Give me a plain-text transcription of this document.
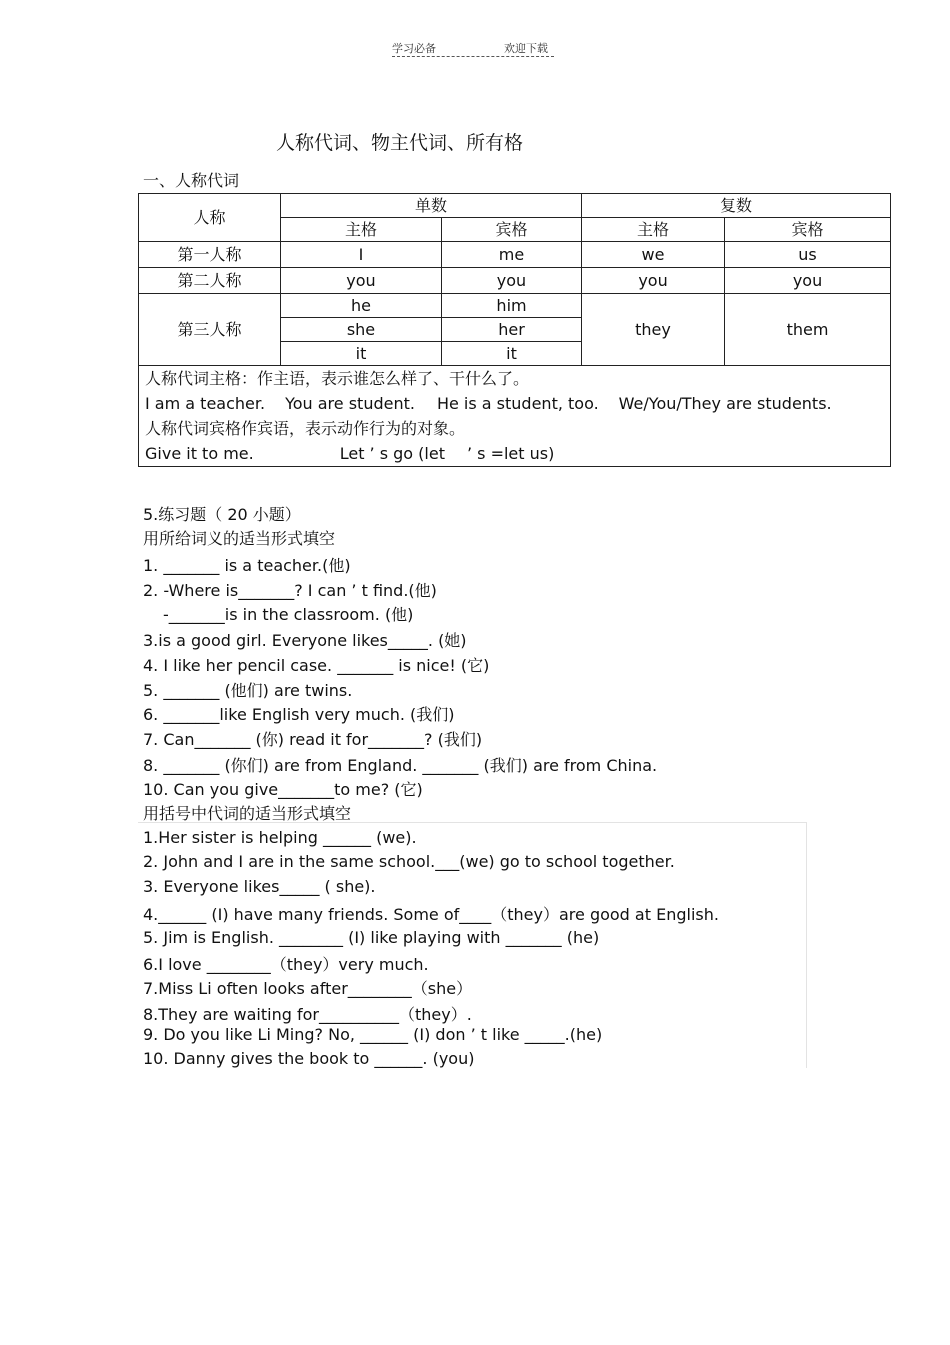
学习必备	欢迎下载
人称代词、物主代词、所有格
一、人称代词
人称	单数		复数	
	主格	宾格	主格	宾格
第一人称	I	me	we	us
第二人称	you	you	you	you
第三人称	he	him	they	them
	she	her		
	it	it		

人称代词主格：作主语，表示谁怎么样了、干什么了。
I am a teacher. You are student. He is a student, too. We/You/They are students.
人称代词宾格作宾语，表示动作行为的对象。
Give it to me. Let ’ s go (let ’ s =let us)				
5.练习题（ 20 小题）
用所给词义的适当形式填空
1. _______ is a teacher.(他)
2. -Where is_______? I can ’ t find.(他)
-_______is in the classroom. (他)
3.is a good girl. Everyone likes_____. (她)
4. I like her pencil case. _______ is nice! (它)
5. _______ (他们) are twins.
6. _______like English very much. (我们)
7. Can_______ (你) read it for_______? (我们)
8. _______ (你们) are from England. _______ (我们) are from China.
10. Can you give_______to me? (它)
用括号中代词的适当形式填空
1.Her sister is helping ______ (we).
2. John and I are in the same school.___(we) go to school together.
3. Everyone likes_____ ( she).
4.______ (I) have many friends. Some of____（they）are good at English.
5. Jim is English. ________ (I) like playing with _______ (he)
6.I love ________（they）very much.
7.Miss Li often looks after________（she）
8.They are waiting for__________（they）.
9. Do you like Li Ming? No, ______ (I) don ’ t like _____.(he)
10. Danny gives the book to ______. (you)
